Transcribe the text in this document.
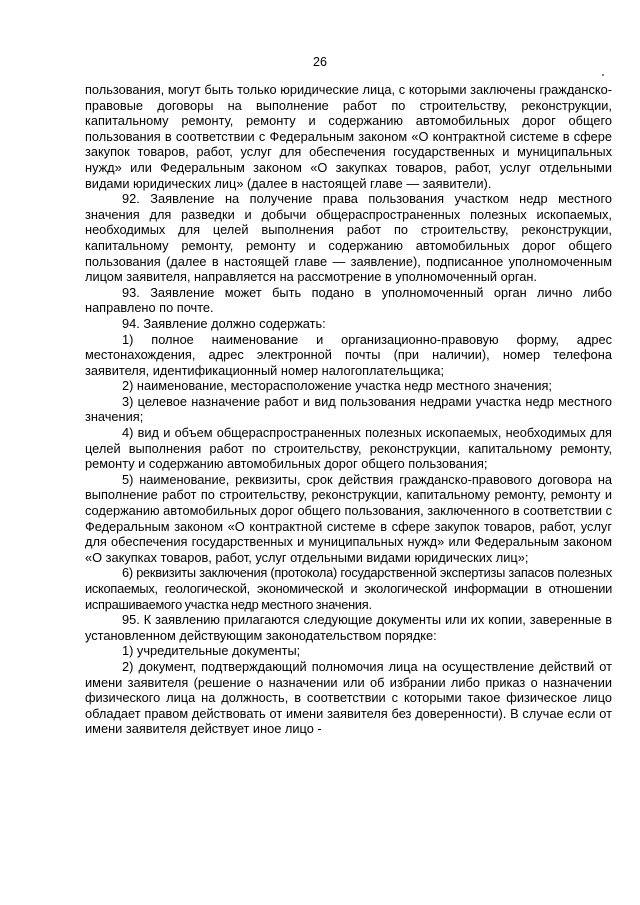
26

пользования, могут быть только юридические лица, с которыми заключены гражданско-правовые договоры на выполнение работ по строительству, реконструкции, капитальному ремонту, ремонту и содержанию автомобильных дорог общего пользования в соответствии с Федеральным законом «О контрактной системе в сфере закупок товаров, работ, услуг для обеспечения государственных и муниципальных нужд» или Федеральным законом «О закупках товаров, работ, услуг отдельными видами юридических лиц» (далее в настоящей главе — заявители).

92. Заявление на получение права пользования участком недр местного значения для разведки и добычи общераспространенных полезных ископаемых, необходимых для целей выполнения работ по строительству, реконструкции, капитальному ремонту, ремонту и содержанию автомобильных дорог общего пользования (далее в настоящей главе — заявление), подписанное уполномоченным лицом заявителя, направляется на рассмотрение в уполномоченный орган.

93. Заявление может быть подано в уполномоченный орган лично либо направлено по почте.

94. Заявление должно содержать:

1) полное наименование и организационно-правовую форму, адрес местонахождения, адрес электронной почты (при наличии), номер телефона заявителя, идентификационный номер налогоплательщика;

2) наименование, месторасположение участка недр местного значения;

3) целевое назначение работ и вид пользования недрами участка недр местного значения;

4) вид и объем общераспространенных полезных ископаемых, необходимых для целей выполнения работ по строительству, реконструкции, капитальному ремонту, ремонту и содержанию автомобильных дорог общего пользования;

5) наименование, реквизиты, срок действия гражданско-правового договора на выполнение работ по строительству, реконструкции, капитальному ремонту, ремонту и содержанию автомобильных дорог общего пользования, заключенного в соответствии с Федеральным законом «О контрактной системе в сфере закупок товаров, работ, услуг для обеспечения государственных и муниципальных нужд» или Федеральным законом «О закупках товаров, работ, услуг отдельными видами юридических лиц»;

6) реквизиты заключения (протокола) государственной экспертизы запасов полезных ископаемых, геологической, экономической и экологической информации в отношении испрашиваемого участка недр местного значения.

95. К заявлению прилагаются следующие документы или их копии, заверенные в установленном действующим законодательством порядке:

1) учредительные документы;

2) документ, подтверждающий полномочия лица на осуществление действий от имени заявителя (решение о назначении или об избрании либо приказ о назначении физического лица на должность, в соответствии с которыми такое физическое лицо обладает правом действовать от имени заявителя без доверенности). В случае если от имени заявителя действует иное лицо -
